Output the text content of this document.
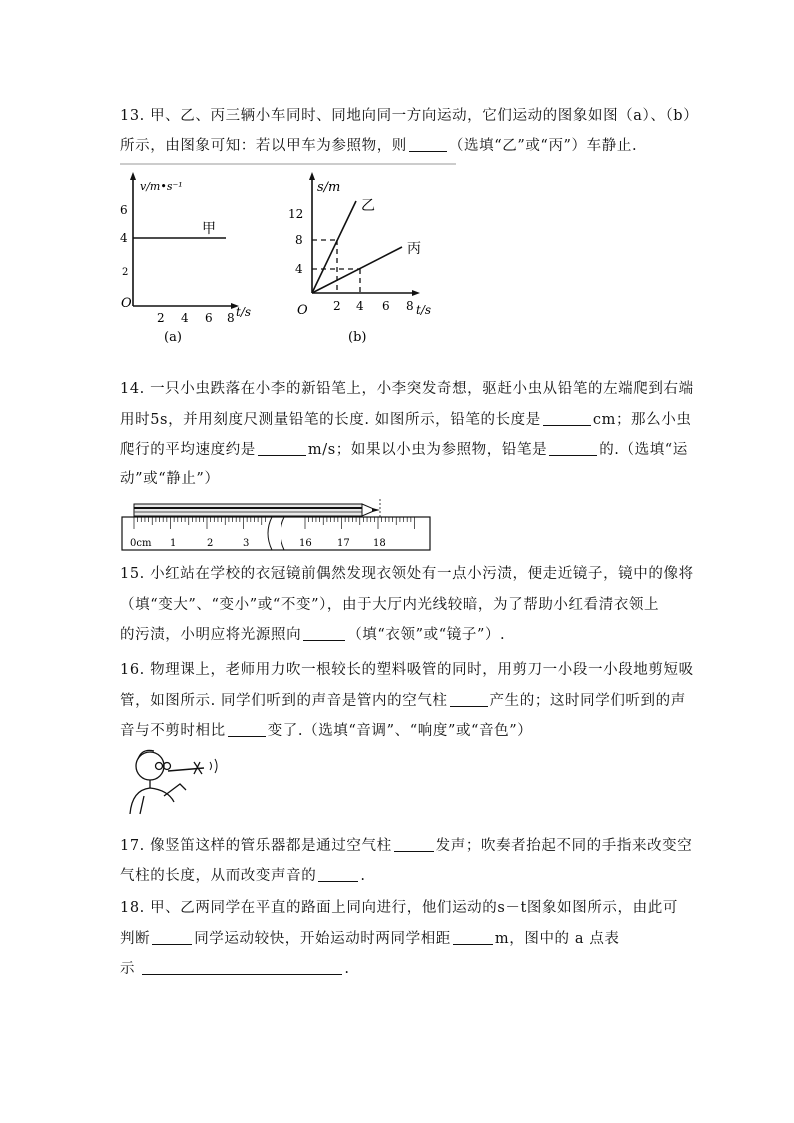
13. 甲、乙、丙三辆小车同时、同地向同一方向运动，它们运动的图象如图（a）、（b）
所示，由图象可知：若以甲车为参照物，则	（选填“乙”或“丙”）车静止.
v/m•s⁻¹
6
4
2
O
甲
2 4 6 8 t/s
(a)
s/m
12
8
4
O
乙
丙
2 4 6 8 t/s
(b)
14. 一只小虫跌落在小李的新铅笔上，小李突发奇想，驱赶小虫从铅笔的左端爬到右端
用时5s，并用刻度尺测量铅笔的长度. 如图所示，铅笔的长度是	cm；那么小虫
爬行的平均速度约是	m/s；如果以小虫为参照物，铅笔是	的.（选填“运
动”或“静止”）
0cm 1	2	3	16	17 18
15. 小红站在学校的衣冠镜前偶然发现衣领处有一点小污渍，便走近镜子，镜中的像将
（填“变大”、“变小”或“不变”），由于大厅内光线较暗，为了帮助小红看清衣领上
的污渍，小明应将光源照向	（填“衣领”或“镜子”）.
16. 物理课上，老师用力吹一根较长的塑料吸管的同时，用剪刀一小段一小段地剪短吸
管，如图所示. 同学们听到的声音是管内的空气柱	产生的；这时同学们听到的声
音与不剪时相比	变了.（选填“音调”、“响度”或“音色”）
17. 像竖笛这样的管乐器都是通过空气柱	发声；吹奏者抬起不同的手指来改变空
气柱的长度，从而改变声音的	.
18. 甲、乙两同学在平直的路面上同向进行，他们运动的s－t图象如图所示，由此可
判断	同学运动较快，开始运动时两同学相距	m，图中的 a 点表
示	.
